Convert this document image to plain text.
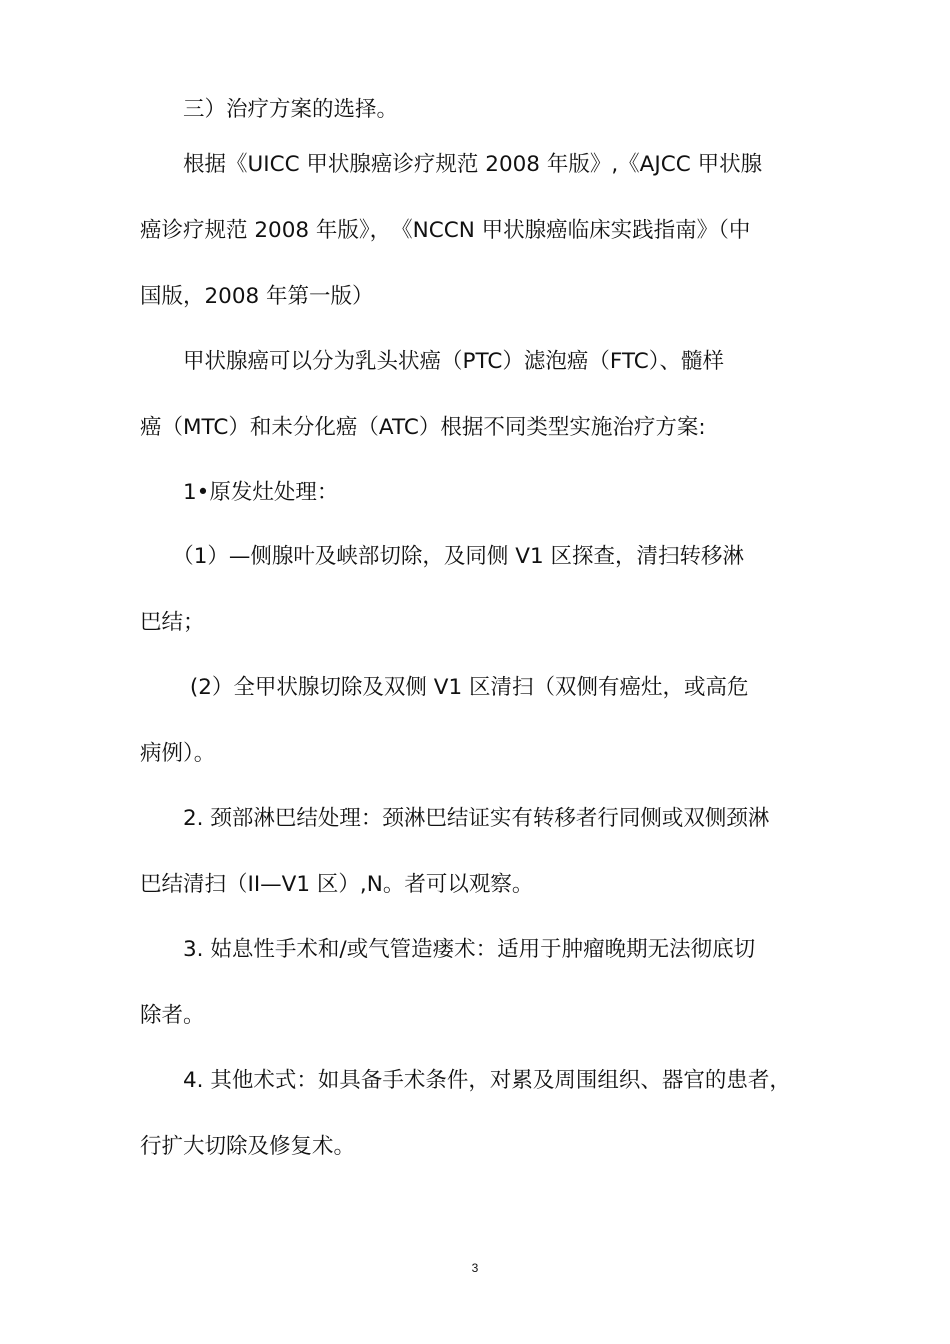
　　三）治疗方案的选择。

　　根据《UICC 甲状腺癌诊疗规范 2008 年版》,《AJCC 甲状腺
癌诊疗规范 2008 年版》，　《NCCN 甲状腺癌临床实践指南》（中
国版，2008 年第一版）

　　甲状腺癌可以分为乳头状癌（PTC）滤泡癌（FTC）、髓样
癌（MTC）和未分化癌（ATC）根据不同类型实施治疗方案:

　　1•原发灶处理：

　　（1）—侧腺叶及峡部切除，及同侧 V1 区探查，清扫转移淋
巴结；

　　 (2）全甲状腺切除及双侧 V1 区清扫（双侧有癌灶，或高危
病例）。

　　2. 颈部淋巴结处理：颈淋巴结证实有转移者行同侧或双侧颈淋
巴结清扫（II—V1 区）,N。者可以观察。

　　3. 姑息性手术和/或气管造瘘术：适用于肿瘤晚期无法彻底切
除者。

　　4. 其他术式：如具备手术条件，对累及周围组织、器官的患者，
行扩大切除及修复术。

3
